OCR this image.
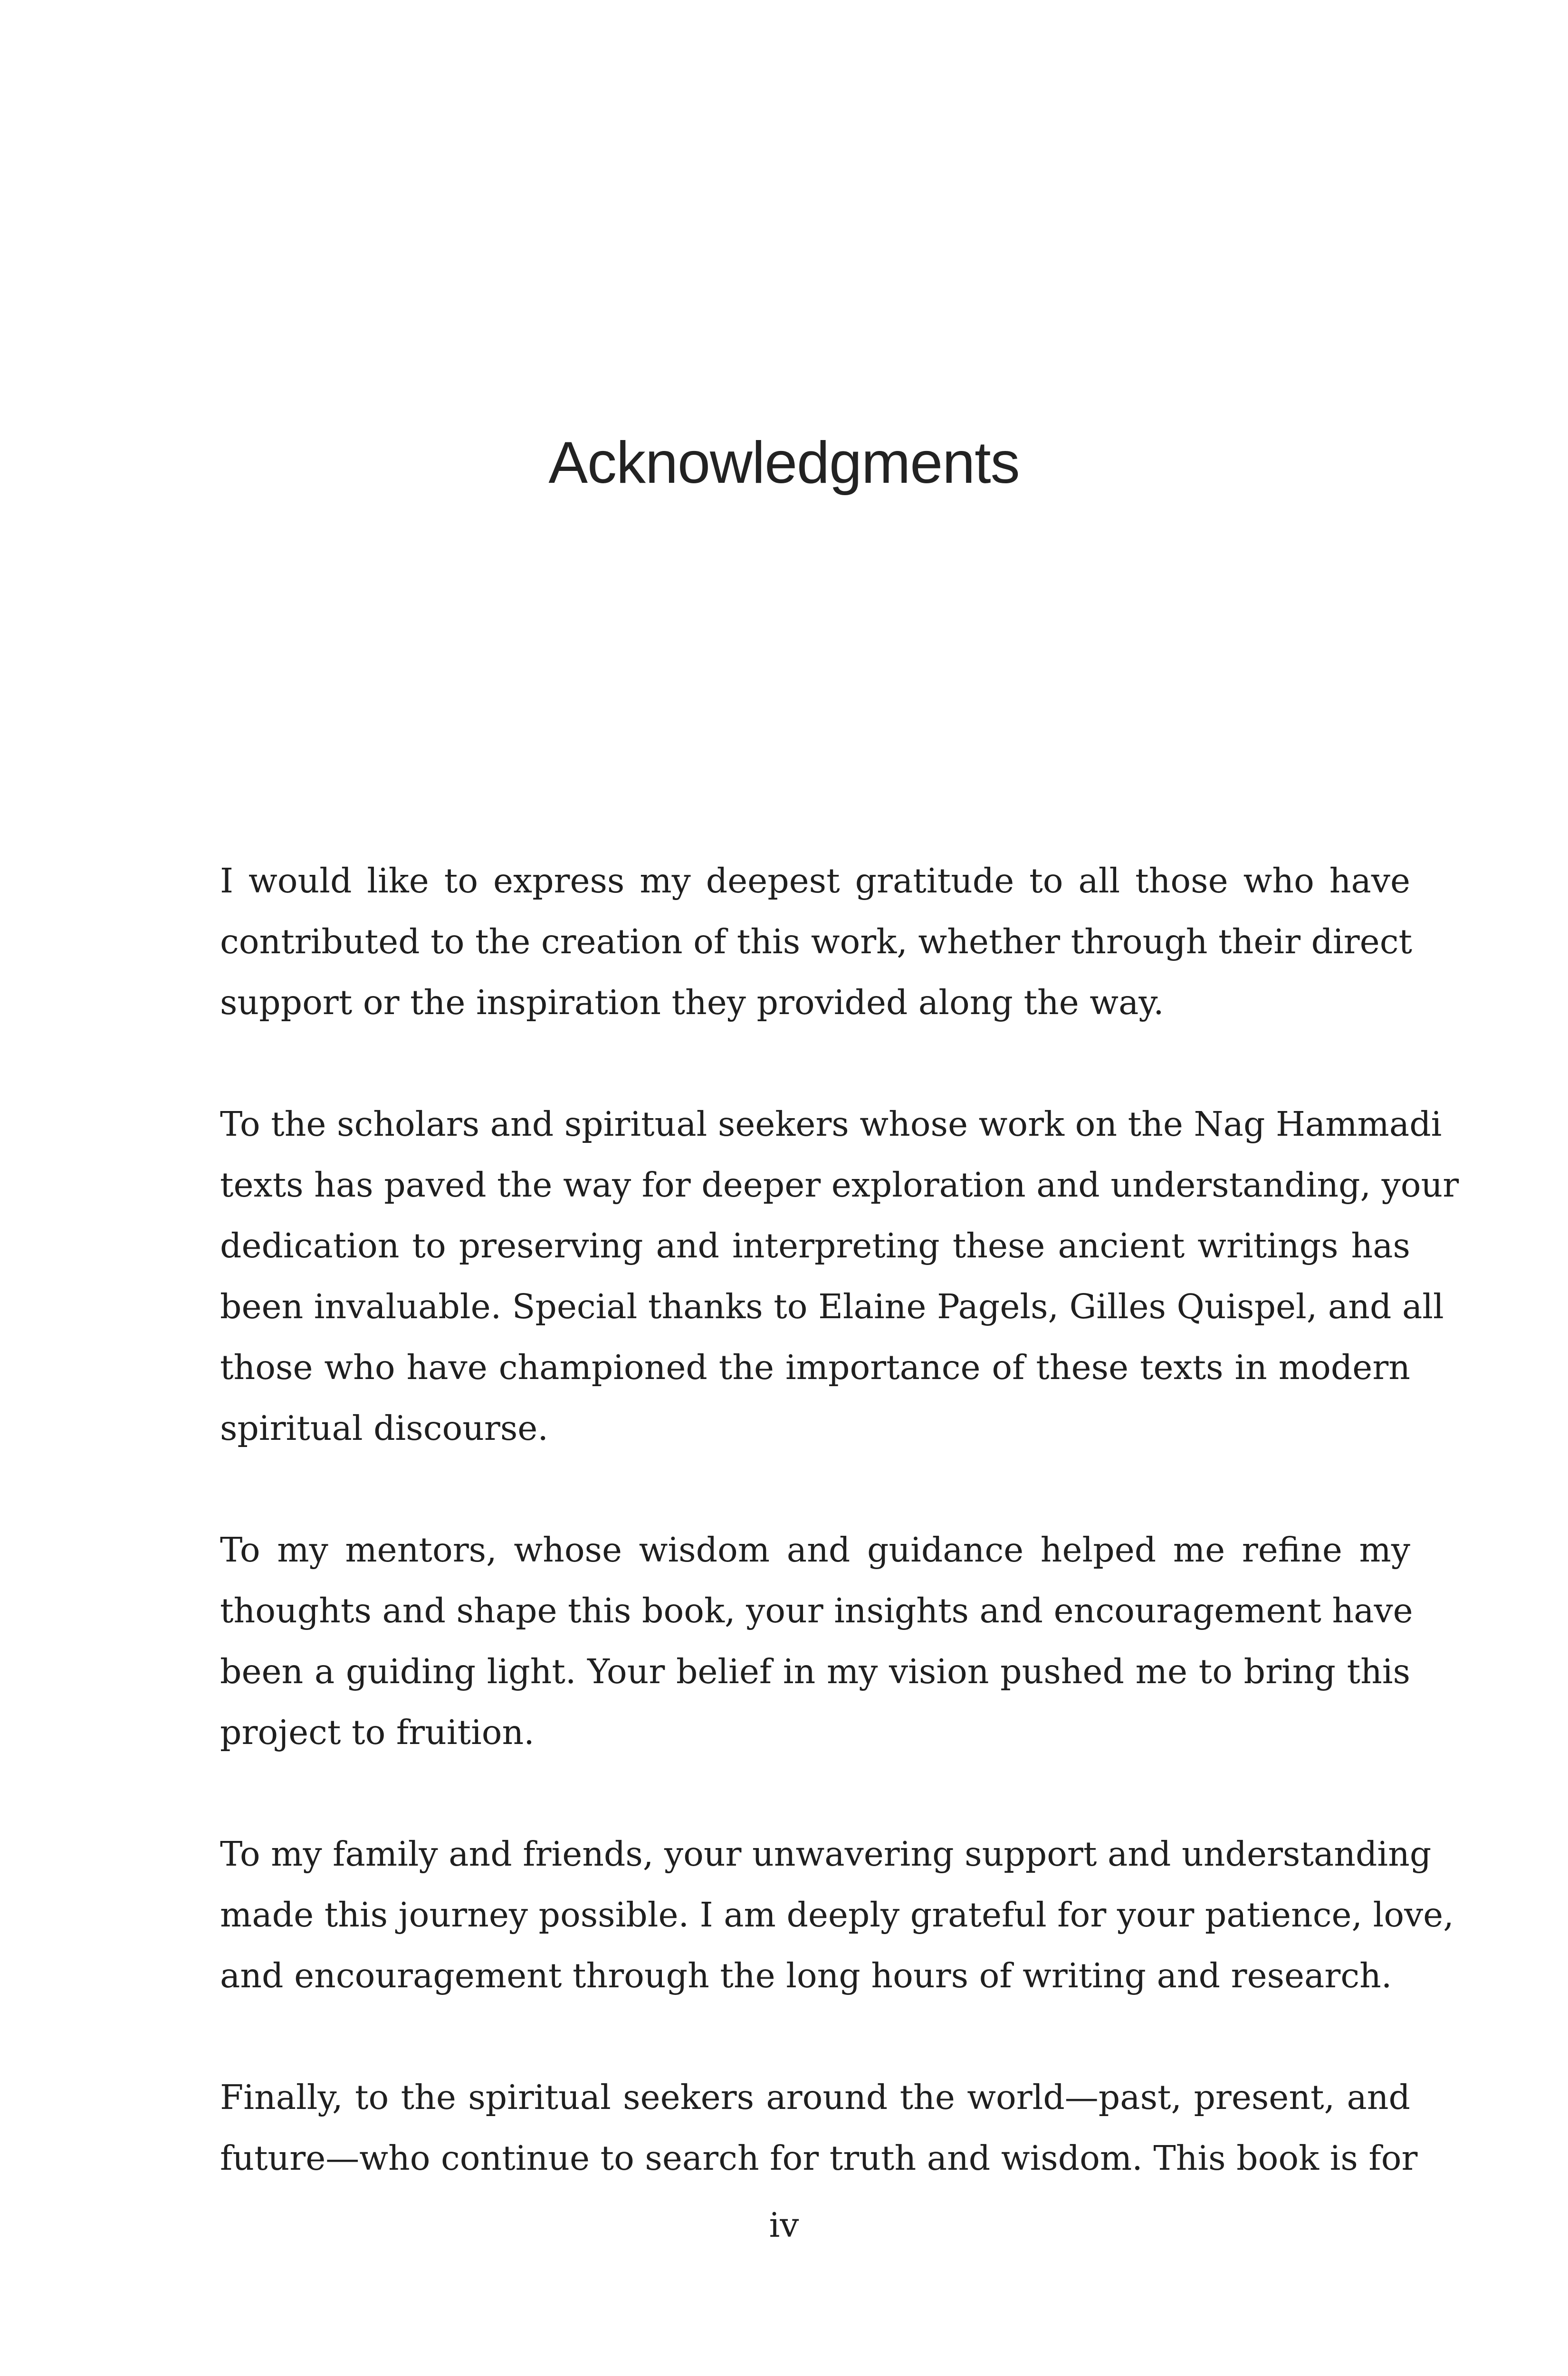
Acknowledgments

I would like to express my deepest gratitude to all those who have
contributed to the creation of this work, whether through their direct
support or the inspiration they provided along the way.

To the scholars and spiritual seekers whose work on the Nag Hammadi
texts has paved the way for deeper exploration and understanding, your
dedication to preserving and interpreting these ancient writings has
been invaluable. Special thanks to Elaine Pagels, Gilles Quispel, and all
those who have championed the importance of these texts in modern
spiritual discourse.

To my mentors, whose wisdom and guidance helped me refine my
thoughts and shape this book, your insights and encouragement have
been a guiding light. Your belief in my vision pushed me to bring this
project to fruition.

To my family and friends, your unwavering support and understanding
made this journey possible. I am deeply grateful for your patience, love,
and encouragement through the long hours of writing and research.

Finally, to the spiritual seekers around the world—past, present, and
future—who continue to search for truth and wisdom. This book is for

iv
